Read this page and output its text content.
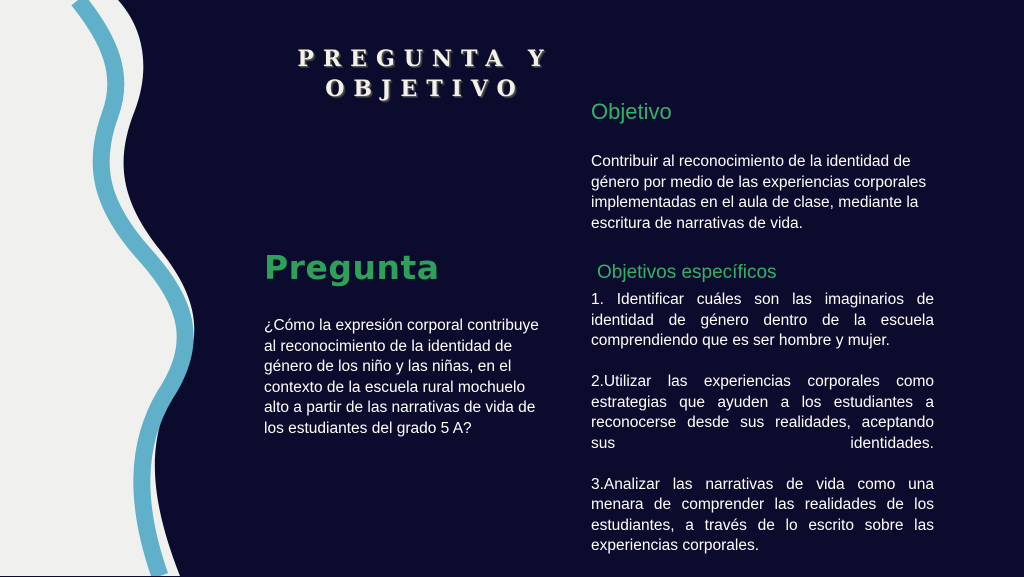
PREGUNTA Y OBJETIVO
Pregunta
¿Cómo la expresión corporal contribuye al reconocimiento de la identidad de género de los niño y las niñas, en el contexto de la escuela rural mochuelo alto a partir de las narrativas de vida de los estudiantes del grado 5 A?
Objetivo
Contribuir al reconocimiento de la identidad de género por medio de las experiencias corporales implementadas en el aula de clase, mediante la escritura de narrativas de vida.
Objetivos específicos

1. Identificar cuáles son las imaginarios de identidad de género dentro de la escuela comprendiendo que es ser hombre y mujer.

2.Utilizar las experiencias corporales como estrategias que ayuden a los estudiantes a reconocerse desde sus realidades, aceptando sus identidades.

3.Analizar las narrativas de vida como una menara de comprender las realidades de los estudiantes, a través de lo escrito sobre las experiencias corporales.
